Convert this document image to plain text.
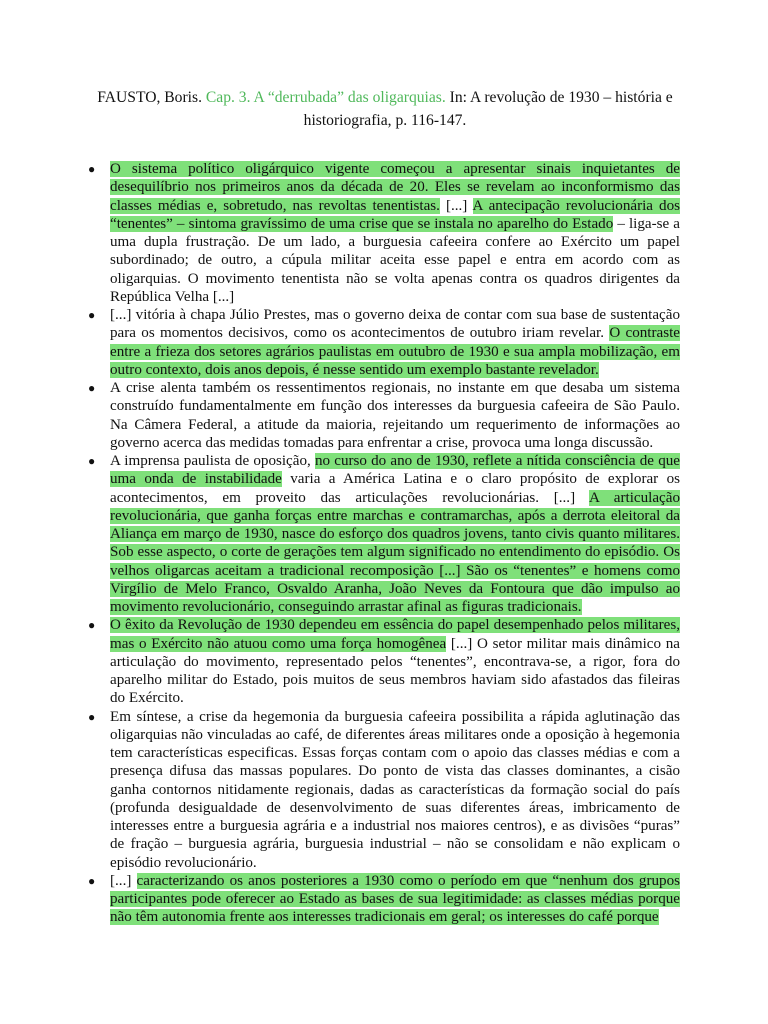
FAUSTO, Boris. Cap. 3. A “derrubada” das oligarquias. In: A revolução de 1930 – história e historiografia, p. 116-147.
● O sistema político oligárquico vigente começou a apresentar sinais inquietantes de desequilíbrio nos primeiros anos da década de 20. Eles se revelam ao inconformismo das classes médias e, sobretudo, nas revoltas tenentistas. [...] A antecipação revolucionária dos “tenentes” – sintoma gravíssimo de uma crise que se instala no aparelho do Estado – liga-se a uma dupla frustração. De um lado, a burguesia cafeeira confere ao Exército um papel subordinado; de outro, a cúpula militar aceita esse papel e entra em acordo com as oligarquias. O movimento tenentista não se volta apenas contra os quadros dirigentes da República Velha [...]
● [...] vitória à chapa Júlio Prestes, mas o governo deixa de contar com sua base de sustentação para os momentos decisivos, como os acontecimentos de outubro iriam revelar. O contraste entre a frieza dos setores agrários paulistas em outubro de 1930 e sua ampla mobilização, em outro contexto, dois anos depois, é nesse sentido um exemplo bastante revelador.
● A crise alenta também os ressentimentos regionais, no instante em que desaba um sistema construído fundamentalmente em função dos interesses da burguesia cafeeira de São Paulo. Na Câmera Federal, a atitude da maioria, rejeitando um requerimento de informações ao governo acerca das medidas tomadas para enfrentar a crise, provoca uma longa discussão.
● A imprensa paulista de oposição, no curso do ano de 1930, reflete a nítida consciência de que uma onda de instabilidade varia a América Latina e o claro propósito de explorar os acontecimentos, em proveito das articulações revolucionárias. [...] A articulação revolucionária, que ganha forças entre marchas e contramarchas, após a derrota eleitoral da Aliança em março de 1930, nasce do esforço dos quadros jovens, tanto civis quanto militares. Sob esse aspecto, o corte de gerações tem algum significado no entendimento do episódio. Os velhos oligarcas aceitam a tradicional recomposição [...] São os “tenentes” e homens como Virgílio de Melo Franco, Osvaldo Aranha, João Neves da Fontoura que dão impulso ao movimento revolucionário, conseguindo arrastar afinal as figuras tradicionais.
● O êxito da Revolução de 1930 dependeu em essência do papel desempenhado pelos militares, mas o Exército não atuou como uma força homogênea [...] O setor militar mais dinâmico na articulação do movimento, representado pelos “tenentes”, encontrava-se, a rigor, fora do aparelho militar do Estado, pois muitos de seus membros haviam sido afastados das fileiras do Exército.
● Em síntese, a crise da hegemonia da burguesia cafeeira possibilita a rápida aglutinação das oligarquias não vinculadas ao café, de diferentes áreas militares onde a oposição à hegemonia tem características especificas. Essas forças contam com o apoio das classes médias e com a presença difusa das massas populares. Do ponto de vista das classes dominantes, a cisão ganha contornos nitidamente regionais, dadas as características da formação social do país (profunda desigualdade de desenvolvimento de suas diferentes áreas, imbricamento de interesses entre a burguesia agrária e a industrial nos maiores centros), e as divisões “puras” de fração – burguesia agrária, burguesia industrial – não se consolidam e não explicam o episódio revolucionário.
● [...] caracterizando os anos posteriores a 1930 como o período em que “nenhum dos grupos participantes pode oferecer ao Estado as bases de sua legitimidade: as classes médias porque não têm autonomia frente aos interesses tradicionais em geral; os interesses do café porque
